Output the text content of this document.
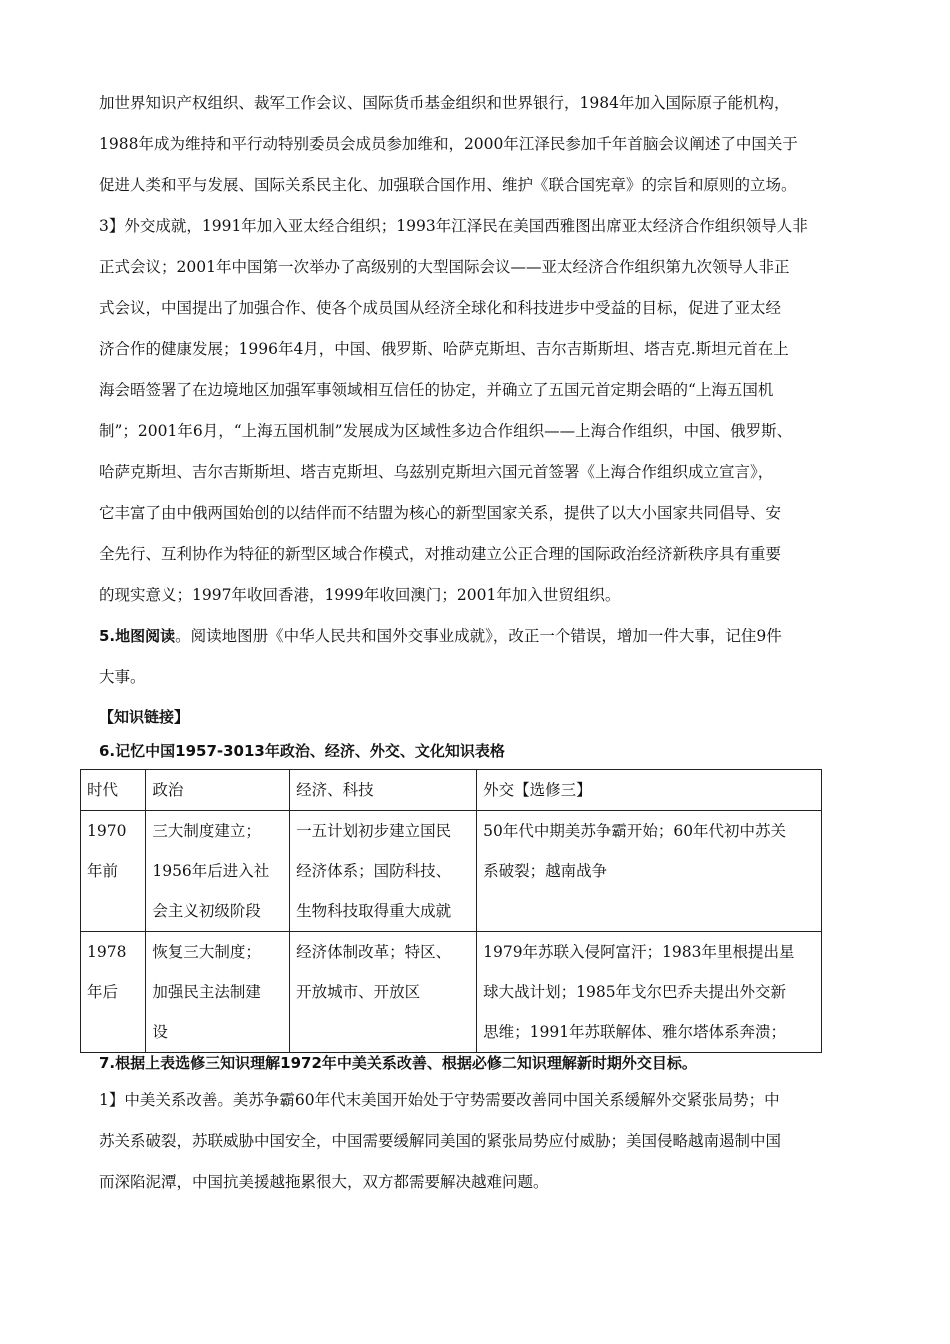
加世界知识产权组织、裁军工作会议、国际货币基金组织和世界银行，1984年加入国际原子能机构，
1988年成为维持和平行动特别委员会成员参加维和，2000年江泽民参加千年首脑会议阐述了中国关于
促进人类和平与发展、国际关系民主化、加强联合国作用、维护《联合国宪章》的宗旨和原则的立场。
3】外交成就，1991年加入亚太经合组织；1993年江泽民在美国西雅图出席亚太经济合作组织领导人非
正式会议；2001年中国第一次举办了高级别的大型国际会议——亚太经济合作组织第九次领导人非正
式会议，中国提出了加强合作、使各个成员国从经济全球化和科技进步中受益的目标，促进了亚太经
济合作的健康发展；1996年4月，中国、俄罗斯、哈萨克斯坦、吉尔吉斯斯坦、塔吉克.斯坦元首在上
海会晤签署了在边境地区加强军事领域相互信任的协定，并确立了五国元首定期会晤的“上海五国机
制”；2001年6月，“上海五国机制”发展成为区域性多边合作组织——上海合作组织，中国、俄罗斯、
哈萨克斯坦、吉尔吉斯斯坦、塔吉克斯坦、乌兹别克斯坦六国元首签署《上海合作组织成立宣言》，
它丰富了由中俄两国始创的以结伴而不结盟为核心的新型国家关系，提供了以大小国家共同倡导、安
全先行、互利协作为特征的新型区域合作模式，对推动建立公正合理的国际政治经济新秩序具有重要
的现实意义；1997年收回香港，1999年收回澳门；2001年加入世贸组织。
5.地图阅读。阅读地图册《中华人民共和国外交事业成就》，改正一个错误，增加一件大事，记住9件
大事。
【知识链接】
6.记忆中国1957-3013年政治、经济、外交、文化知识表格
时代	政治	经济、科技	外交【选修三】

1970
年前	三大制度建立；
1956年后进入社
会主义初级阶段	一五计划初步建立国民
经济体系；国防科技、
生物科技取得重大成就	50年代中期美苏争霸开始；60年代初中苏关
系破裂；越南战争

1978
年后	恢复三大制度；
加强民主法制建
设	经济体制改革；特区、
开放城市、开放区	1979年苏联入侵阿富汗；1983年里根提出星
球大战计划；1985年戈尔巴乔夫提出外交新
思维；1991年苏联解体、雅尔塔体系奔溃；
7.根据上表选修三知识理解1972年中美关系改善、根据必修二知识理解新时期外交目标。
1】中美关系改善。美苏争霸60年代末美国开始处于守势需要改善同中国关系缓解外交紧张局势；中
苏关系破裂，苏联威胁中国安全，中国需要缓解同美国的紧张局势应付威胁；美国侵略越南遏制中国
而深陷泥潭，中国抗美援越拖累很大，双方都需要解决越难问题。
